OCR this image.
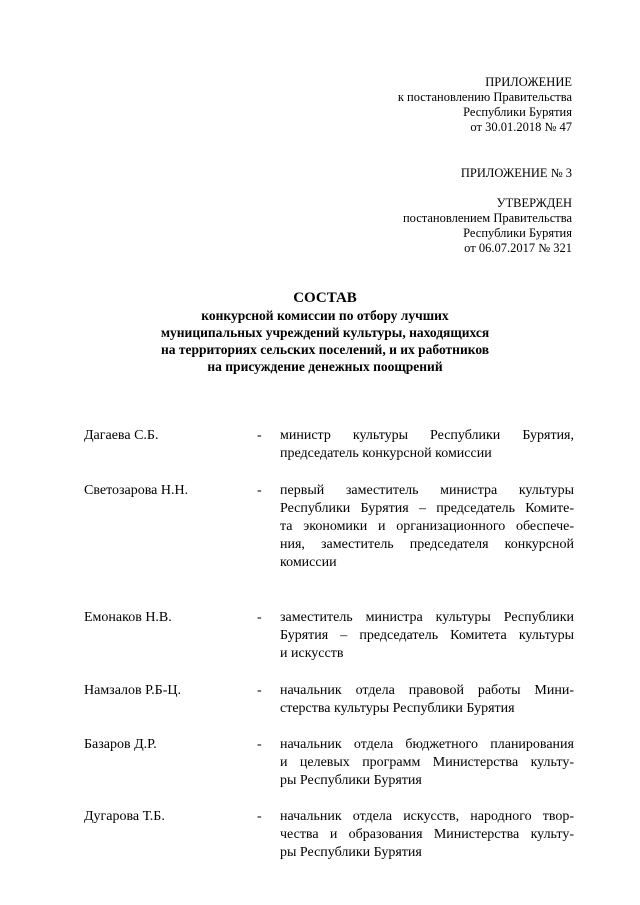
ПРИЛОЖЕНИЕ
к постановлению Правительства
Республики Бурятия
от 30.01.2018 № 47
ПРИЛОЖЕНИЕ № 3
УТВЕРЖДЕН
постановлением Правительства
Республики Бурятия
от 06.07.2017 № 321
СОСТАВ
конкурсной комиссии по отбору лучших
муниципальных учреждений культуры, находящихся
на территориях сельских поселений, и их работников
на присуждение денежных поощрений
Дагаева С.Б.	- министр культуры Республики Бурятия,
председатель конкурсной комиссии
Светозарова Н.Н.	- первый заместитель министра культуры
Республики Бурятия – председатель Комите-
та экономики и организационного обеспече-
ния, заместитель председателя конкурсной
комиссии
Емонаков Н.В.	- заместитель министра культуры Республики
Бурятия – председатель Комитета культуры
и искусств
Намзалов Р.Б-Ц.	- начальник отдела правовой работы Мини-
стерства культуры Республики Бурятия
Базаров Д.Р.	- начальник отдела бюджетного планирования
и целевых программ Министерства культу-
ры Республики Бурятия
Дугарова Т.Б.	- начальник отдела искусств, народного твор-
чества и образования Министерства культу-
ры Республики Бурятия
